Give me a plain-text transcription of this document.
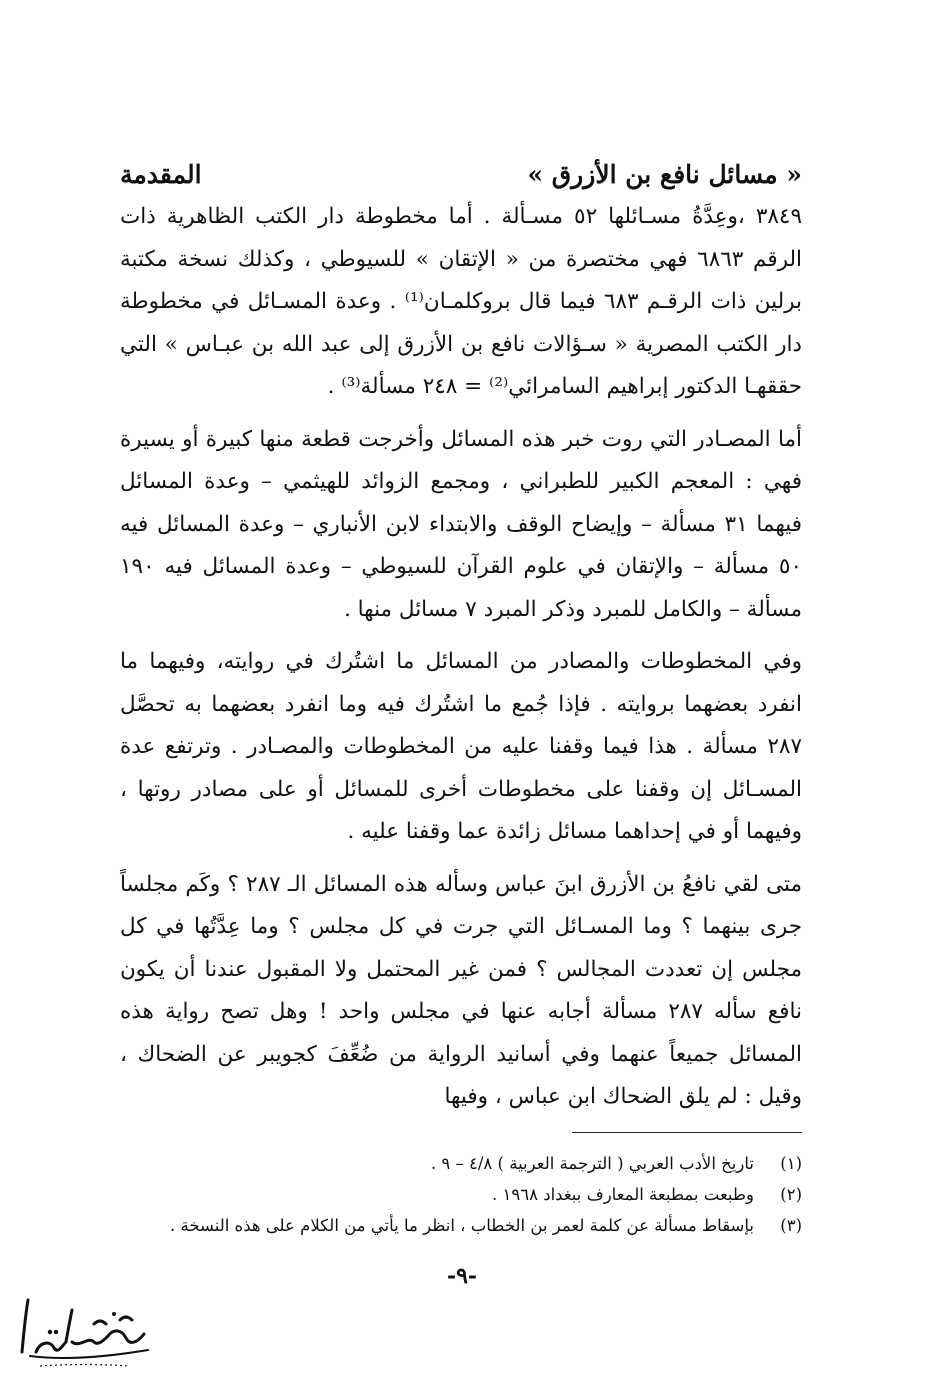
« مسائل نافع بن الأزرق »
المقدمة

٣٨٤٩ ،وعِدَّةُ مسـائلها ٥٢ مسـألة . أما مخطوطة دار الكتب الظاهرية ذات الرقم ٦٨٦٣ فهي مختصرة من « الإتقان » للسيوطي ، وكذلك نسخة مكتبة برلين ذات الرقـم ٦٨٣ فيما قال بروكلمـان⁽¹⁾ . وعدة المسـائل في مخطوطة دار الكتب المصرية « سـؤالات نافع بن الأزرق إلى عبد الله بن عبـاس » التي حققهـا الدكتور إبراهيم السامرائي⁽²⁾ = ٢٤٨ مسألة⁽³⁾ .

أما المصـادر التي روت خبر هذه المسائل وأخرجت قطعة منها كبيرة أو يسيرة فهي : المعجم الكبير للطبراني ، ومجمع الزوائد للهيثمي – وعدة المسائل فيهما ٣١ مسألة – وإيضاح الوقف والابتداء لابن الأنباري – وعدة المسائل فيه ٥٠ مسألة – والإتقان في علوم القرآن للسيوطي – وعدة المسائل فيه ١٩٠ مسألة – والكامل للمبرد وذكر المبرد ٧ مسائل منها .

وفي المخطوطات والمصادر من المسائل ما اشتُرك في روايته، وفيهما ما انفرد بعضهما بروايته . فإذا جُمع ما اشتُرك فيه وما انفرد بعضهما به تحصَّل ٢٨٧ مسألة . هذا فيما وقفنا عليه من المخطوطات والمصـادر . وترتفع عدة المسـائل إن وقفنا على مخطوطات أخرى للمسائل أو على مصادر روتها ، وفيهما أو في إحداهما مسائل زائدة عما وقفنا عليه .

متى لقي نافعُ بن الأزرق ابنَ عباس وسأله هذه المسائل الـ ٢٨٧ ؟ وكَم مجلساً جرى بينهما ؟ وما المسـائل التي جرت في كل مجلس ؟ وما عِدَّتُها في كل مجلس إن تعددت المجالس ؟ فمن غير المحتمل ولا المقبول عندنا أن يكون نافع سأله ٢٨٧ مسألة أجابه عنها في مجلس واحد ! وهل تصح رواية هذه المسائل جميعاً عنهما وفي أسانيد الرواية من ضُعِّفَ كجويبر عن الضحاك ، وقيل : لم يلق الضحاك ابن عباس ، وفيها

(١)
تاريخ الأدب العربي ( الترجمة العربية ) ٤/٨ – ٩ .
(٢)
وطبعت بمطبعة المعارف ببغداد ١٩٦٨ .
(٣)
بإسقاط مسألة عن كلمة لعمر بن الخطاب ، انظر ما يأتي من الكلام على هذه النسخة .
-٩-
